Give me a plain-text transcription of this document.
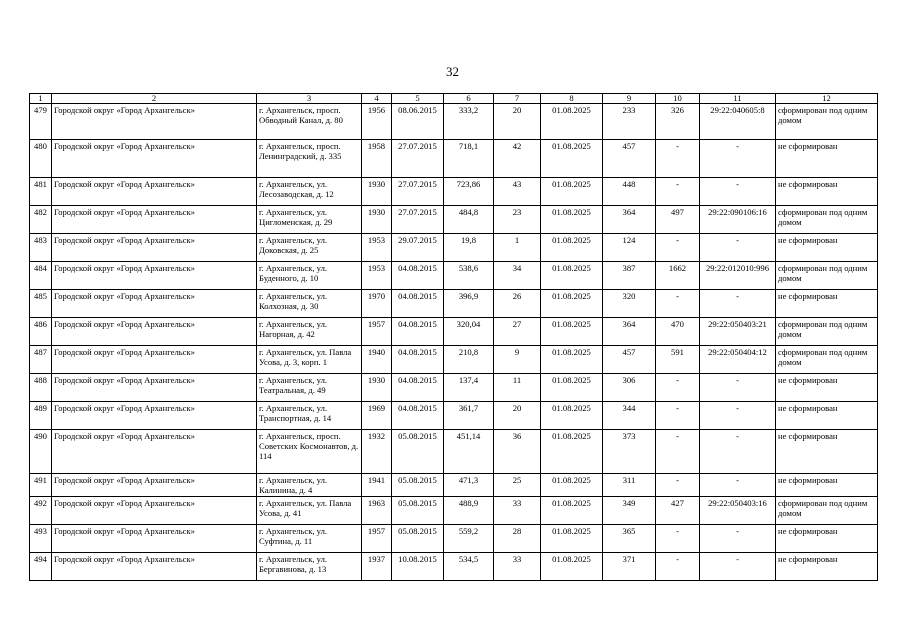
32
1	2	3	4	5	6	7	8	9	10	11	12
479	Городской округ «Город Архангельск»	г. Архангельск, просп. Обводный Канал, д. 80	1956	08.06.2015	333,2	20	01.08.2025	233	326	29:22:040605:8	сформирован под одним домом
480	Городской округ «Город Архангельск»	г. Архангельск, просп. Ленинградский, д. 335	1958	27.07.2015	718,1	42	01.08.2025	457	-	-	не сформирован
481	Городской округ «Город Архангельск»	г. Архангельск, ул. Лесозаводская, д. 12	1930	27.07.2015	723,86	43	01.08.2025	448	-	-	не сформирован
482	Городской округ «Город Архангельск»	г. Архангельск, ул. Цигломенская, д. 29	1930	27.07.2015	484,8	23	01.08.2025	364	497	29:22:090106:16	сформирован под одним домом
483	Городской округ «Город Архангельск»	г. Архангельск, ул. Доковская, д. 25	1953	29.07.2015	19,8	1	01.08.2025	124	-	-	не сформирован
484	Городской округ «Город Архангельск»	г. Архангельск, ул. Буденного, д. 10	1953	04.08.2015	538,6	34	01.08.2025	387	1662	29:22:012010:996	сформирован под одним домом
485	Городской округ «Город Архангельск»	г. Архангельск, ул. Колхозная, д. 30	1970	04.08.2015	396,9	26	01.08.2025	320	-	-	не сформирован
486	Городской округ «Город Архангельск»	г. Архангельск, ул. Нагорная, д. 42	1957	04.08.2015	320,04	27	01.08.2025	364	470	29:22:050403:21	сформирован под одним домом
487	Городской округ «Город Архангельск»	г. Архангельск, ул. Павла Усова, д. 3, корп. 1	1940	04.08.2015	210,8	9	01.08.2025	457	591	29:22:050404:12	сформирован под одним домом
488	Городской округ «Город Архангельск»	г. Архангельск, ул. Театральная, д. 49	1930	04.08.2015	137,4	11	01.08.2025	306	-	-	не сформирован
489	Городской округ «Город Архангельск»	г. Архангельск, ул. Транспортная, д. 14	1969	04.08.2015	361,7	20	01.08.2025	344	-	-	не сформирован
490	Городской округ «Город Архангельск»	г. Архангельск, просп. Советских Космонавтов, д. 114	1932	05.08.2015	451,14	36	01.08.2025	373	-	-	не сформирован
491	Городской округ «Город Архангельск»	г. Архангельск, ул. Калинина, д. 4	1941	05.08.2015	471,3	25	01.08.2025	311	-	-	не сформирован
492	Городской округ «Город Архангельск»	г. Архангельск, ул. Павла Усова, д. 41	1963	05.08.2015	488,9	33	01.08.2025	349	427	29:22:050403:16	сформирован под одним домом
493	Городской округ «Город Архангельск»	г. Архангельск, ул. Суфтина, д. 11	1957	05.08.2015	559,2	28	01.08.2025	365	-	-	не сформирован
494	Городской округ «Город Архангельск»	г. Архангельск, ул. Бергавинова, д. 13	1937	10.08.2015	534,5	33	01.08.2025	371	-	-	не сформирован
